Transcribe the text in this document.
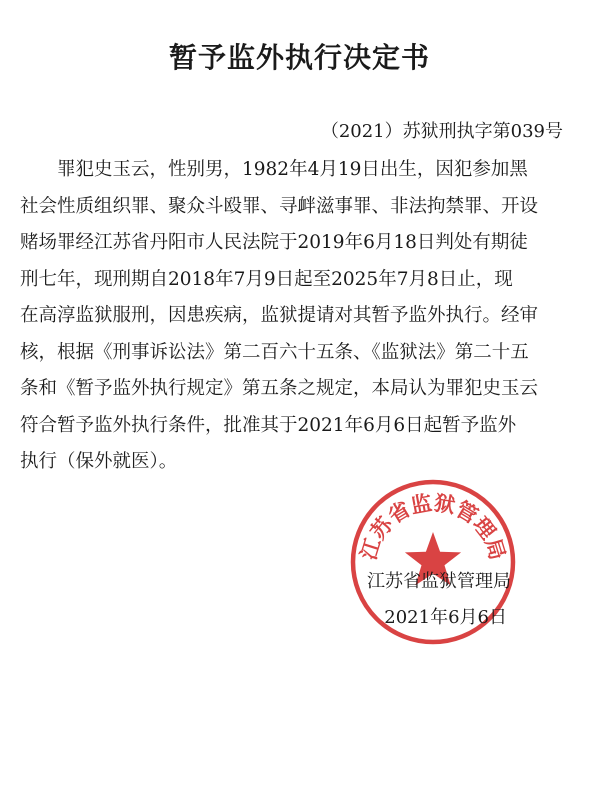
暂予监外执行决定书
（2021）苏狱刑执字第039号
罪犯史玉云，性别男，1982年4月19日出生，因犯参加黑
社会性质组织罪、聚众斗殴罪、寻衅滋事罪、非法拘禁罪、开设
赌场罪经江苏省丹阳市人民法院于2019年6月18日判处有期徒
刑七年，现刑期自2018年7月9日起至2025年7月8日止，现
在高淳监狱服刑，因患疾病，监狱提请对其暂予监外执行。经审
核，根据《刑事诉讼法》第二百六十五条、《监狱法》第二十五
条和《暂予监外执行规定》第五条之规定，本局认为罪犯史玉云
符合暂予监外执行条件，批准其于2021年6月6日起暂予监外
执行（保外就医）。
江苏省监狱管理局
江苏省监狱管理局
2021年6月6日
